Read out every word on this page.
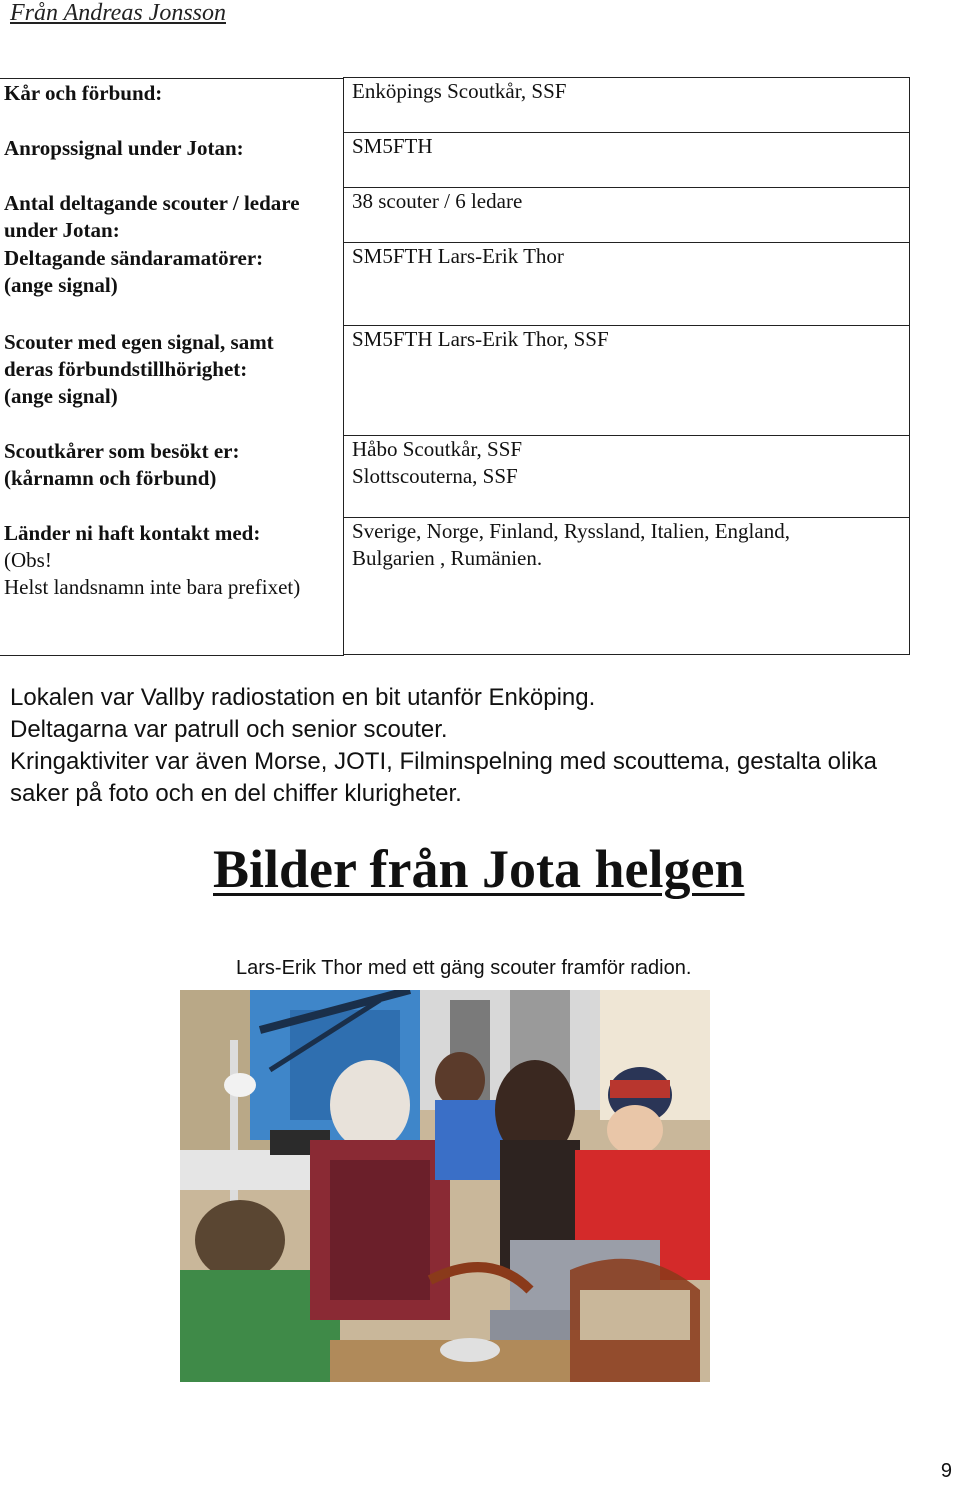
Från Andreas Jonsson
Kår och förbund:
Anropssignal under Jotan:
Antal deltagande scouter / ledare
under Jotan:
Deltagande sändaramatörer:
(ange signal)
Scouter med egen signal, samt
deras förbundstillhörighet:
(ange signal)
Scoutkårer som besökt er:
(kårnamn och förbund)
Länder ni haft kontakt med:
(Obs!
Helst landsnamn inte bara prefixet)
Enköpings Scoutkår, SSF
SM5FTH
38 scouter / 6 ledare
SM5FTH Lars-Erik Thor
SM5FTH Lars-Erik Thor, SSF
Håbo Scoutkår, SSF
Slottscouterna, SSF
Sverige, Norge, Finland, Ryssland, Italien, England,
Bulgarien , Rumänien.
Lokalen var Vallby radiostation en bit utanför Enköping.
Deltagarna var patrull och senior scouter.
Kringaktiviter var även Morse, JOTI, Filminspelning med scouttema, gestalta olika
saker på foto och en del chiffer klurigheter.
Bilder från Jota helgen
Lars-Erik Thor med ett gäng scouter framför radion.
9
